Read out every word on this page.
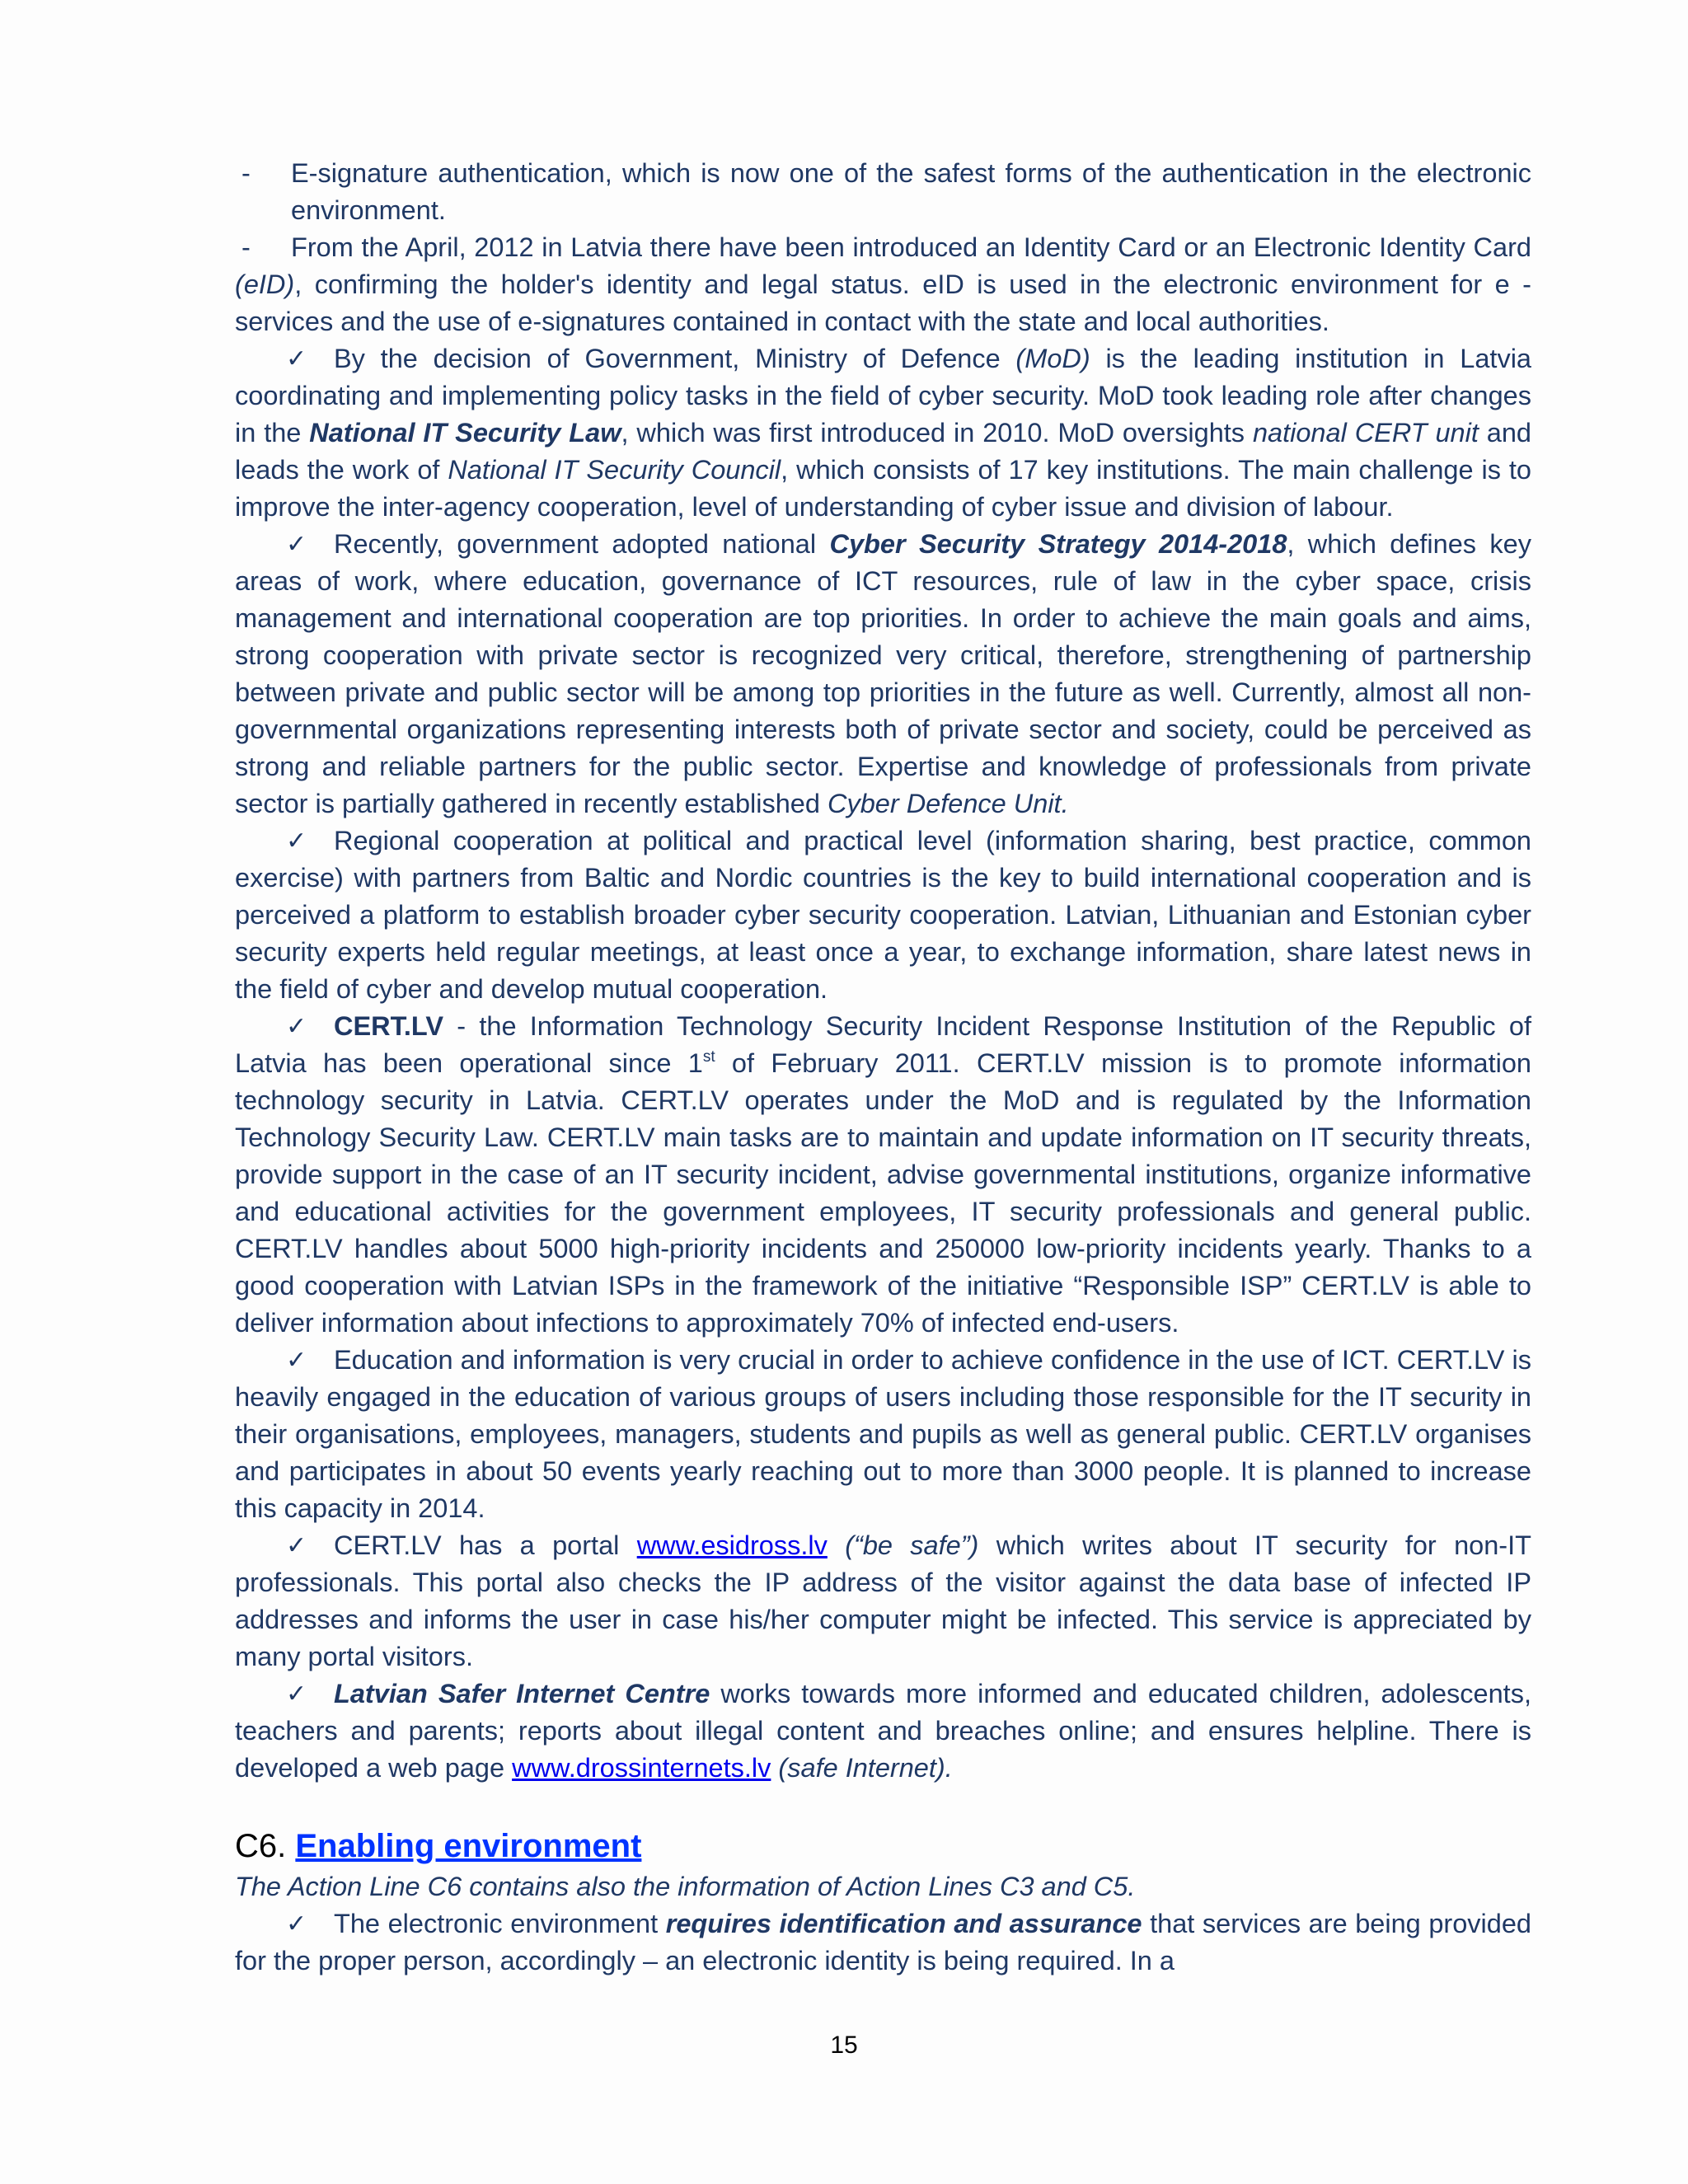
- E-signature authentication, which is now one of the safest forms of the authentication in the electronic environment.

- From the April, 2012 in Latvia there have been introduced an Identity Card or an Electronic Identity Card (eID), confirming the holder's identity and legal status. eID is used in the electronic environment for e - services and the use of e-signatures contained in contact with the state and local authorities.

✓ By the decision of Government, Ministry of Defence (MoD) is the leading institution in Latvia coordinating and implementing policy tasks in the field of cyber security. MoD took leading role after changes in the National IT Security Law, which was first introduced in 2010. MoD oversights national CERT unit and leads the work of National IT Security Council, which consists of 17 key institutions. The main challenge is to improve the inter-agency cooperation, level of understanding of cyber issue and division of labour.

✓ Recently, government adopted national Cyber Security Strategy 2014-2018, which defines key areas of work, where education, governance of ICT resources, rule of law in the cyber space, crisis management and international cooperation are top priorities. In order to achieve the main goals and aims, strong cooperation with private sector is recognized very critical, therefore, strengthening of partnership between private and public sector will be among top priorities in the future as well. Currently, almost all non-governmental organizations representing interests both of private sector and society, could be perceived as strong and reliable partners for the public sector. Expertise and knowledge of professionals from private sector is partially gathered in recently established Cyber Defence Unit.

✓ Regional cooperation at political and practical level (information sharing, best practice, common exercise) with partners from Baltic and Nordic countries is the key to build international cooperation and is perceived a platform to establish broader cyber security cooperation. Latvian, Lithuanian and Estonian cyber security experts held regular meetings, at least once a year, to exchange information, share latest news in the field of cyber and develop mutual cooperation.

✓ CERT.LV - the Information Technology Security Incident Response Institution of the Republic of Latvia has been operational since 1st of February 2011. CERT.LV mission is to promote information technology security in Latvia. CERT.LV operates under the MoD and is regulated by the Information Technology Security Law. CERT.LV main tasks are to maintain and update information on IT security threats, provide support in the case of an IT security incident, advise governmental institutions, organize informative and educational activities for the government employees, IT security professionals and general public. CERT.LV handles about 5000 high-priority incidents and 250000 low-priority incidents yearly. Thanks to a good cooperation with Latvian ISPs in the framework of the initiative “Responsible ISP” CERT.LV is able to deliver information about infections to approximately 70% of infected end-users.

✓ Education and information is very crucial in order to achieve confidence in the use of ICT. CERT.LV is heavily engaged in the education of various groups of users including those responsible for the IT security in their organisations, employees, managers, students and pupils as well as general public. CERT.LV organises and participates in about 50 events yearly reaching out to more than 3000 people. It is planned to increase this capacity in 2014.

✓ CERT.LV has a portal www.esidross.lv (“be safe”) which writes about IT security for non-IT professionals. This portal also checks the IP address of the visitor against the data base of infected IP addresses and informs the user in case his/her computer might be infected. This service is appreciated by many portal visitors.

✓ Latvian Safer Internet Centre works towards more informed and educated children, adolescents, teachers and parents; reports about illegal content and breaches online; and ensures helpline. There is developed a web page www.drossinternets.lv (safe Internet).

C6. Enabling environment

The Action Line C6 contains also the information of Action Lines C3 and C5.

✓ The electronic environment requires identification and assurance that services are being provided for the proper person, accordingly – an electronic identity is being required. In a

15
